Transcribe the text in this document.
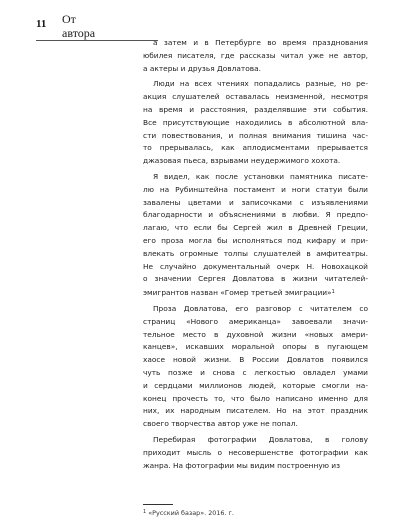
11 От
автора
а затем и в Петербурге во время празднования
юбилея писателя, где рассказы читал уже не автор,
а актеры и друзья Довлатова.
Люди на всех чтениях попадались разные, но ре-
акция слушателей оставалась неизменной, несмотря
на время и расстояния, разделявшие эти события.
Все присутствующие находились в абсолютной вла-
сти повествования, и полная внимания тишина час-
то прерывалась, как аплодисментами прерывается
джазовая пьеса, взрывами неудержимого хохота.
Я видел, как после установки памятника писате-
лю на Рубинштейна постамент и ноги статуи были
завалены цветами и записочками с изъявлениями
благодарности и объяснениями в любви. Я предпо-
лагаю, что если бы Сергей жил в Древней Греции,
его проза могла бы исполняться под кифару и при-
влекать огромные толпы слушателей в амфитеатры.
Не случайно документальный очерк Н. Новохацкой
о значении Сергея Довлатова в жизни читателей-
эмигрантов назван «Гомер третьей эмиграции»$^1$
Проза Довлатова, его разговор с читателем со
страниц «Нового американца» завоевали значи-
тельное место в духовной жизни «новых амери-
канцев», искавших моральной опоры в пугающем
хаосе новой жизни. В России Довлатов появился
чуть позже и снова с легкостью овладел умами
и сердцами миллионов людей, которые смогли на-
конец прочесть то, что было написано именно для
них, их народным писателем. Но на этот праздник
своего творчества автор уже не попал.
Перебирая фотографии Довлатова, в голову
приходит мысль о несовершенстве фотографии как
жанра. На фотографии мы видим построенную из
$^1$ «Русский базар». 2016. г.
